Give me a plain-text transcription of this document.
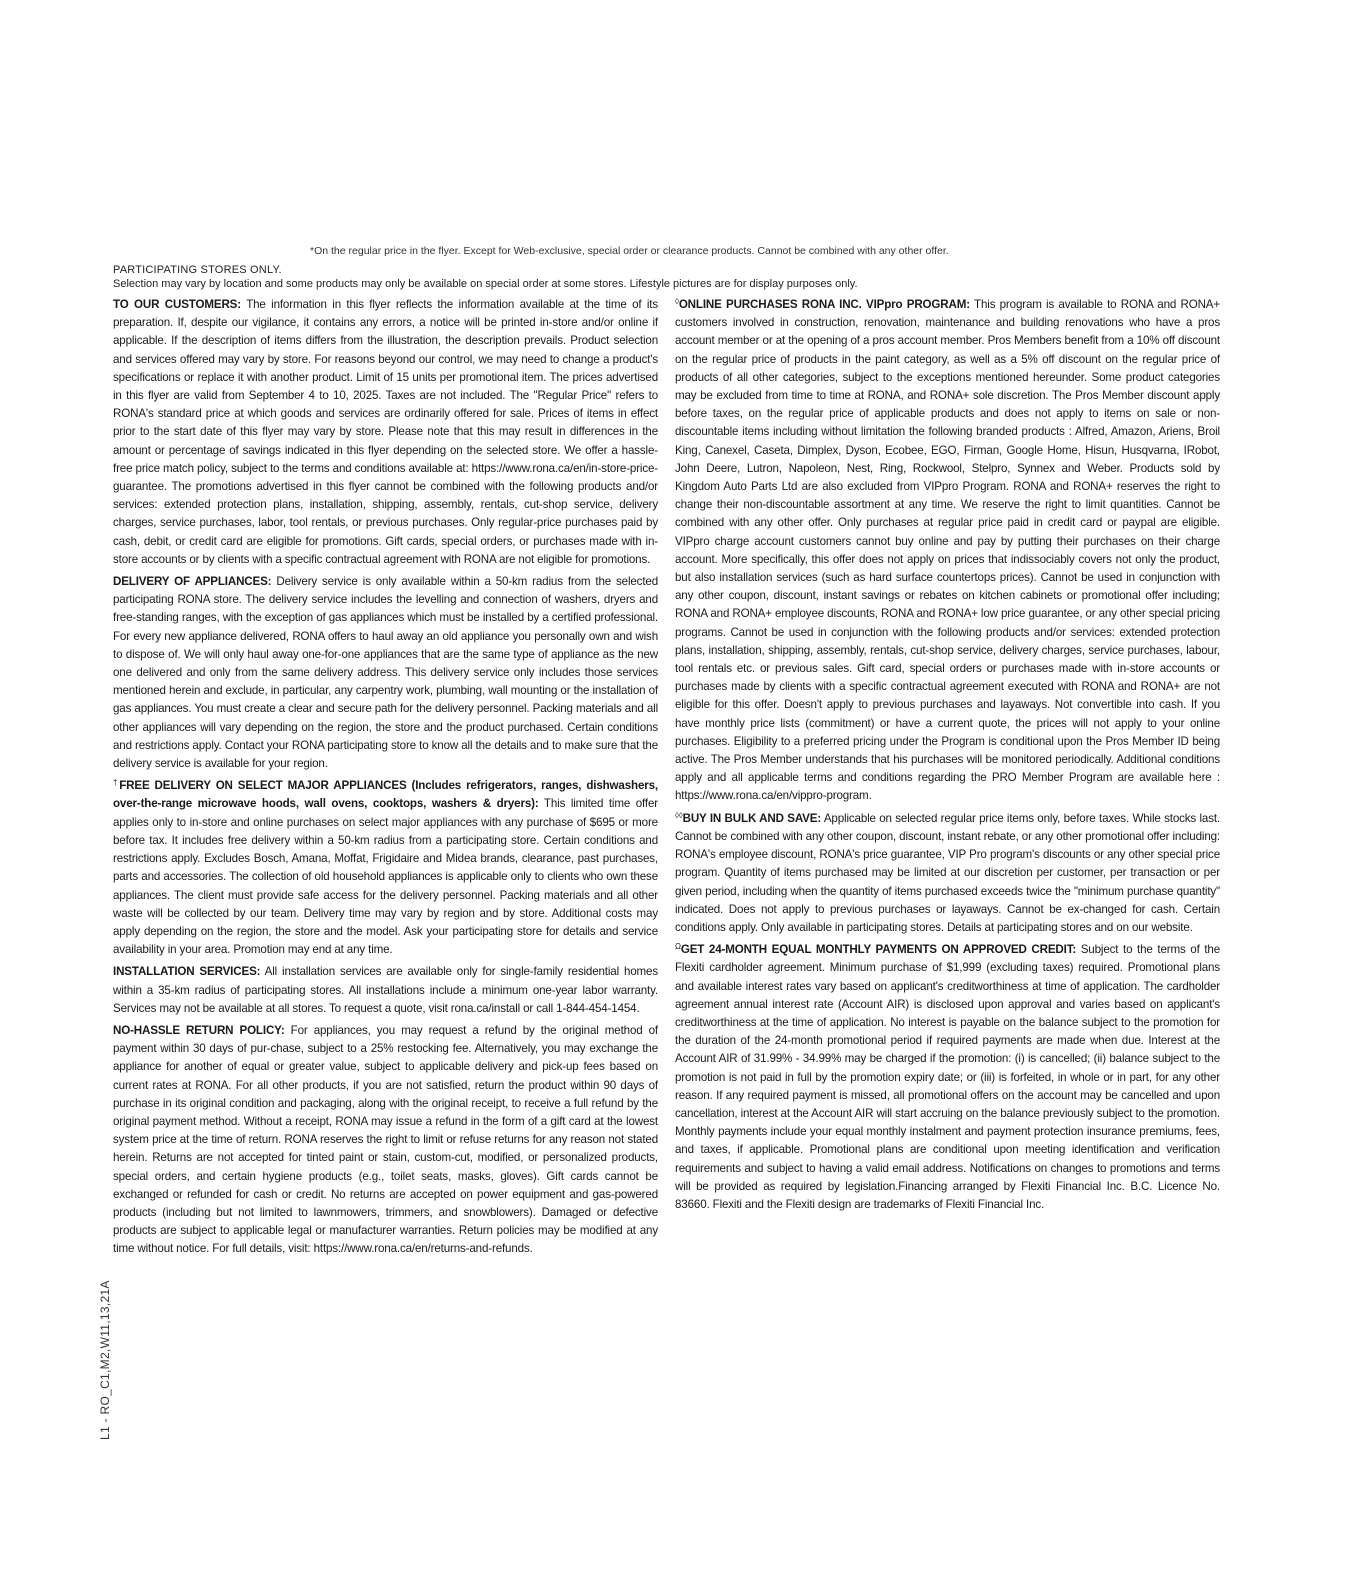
*On the regular price in the flyer. Except for Web-exclusive, special order or clearance products. Cannot be combined with any other offer.
PARTICIPATING STORES ONLY.
Selection may vary by location and some products may only be available on special order at some stores. Lifestyle pictures are for display purposes only.

TO OUR CUSTOMERS: The information in this flyer reflects the information available at the time of its preparation. If, despite our vigilance, it contains any errors, a notice will be printed in-store and/or online if applicable. If the description of items differs from the illustration, the description prevails. Product selection and services offered may vary by store. For reasons beyond our control, we may need to change a product's specifications or replace it with another product. Limit of 15 units per promotional item. The prices advertised in this flyer are valid from September 4 to 10, 2025. Taxes are not included. The "Regular Price" refers to RONA's standard price at which goods and services are ordinarily offered for sale. Prices of items in effect prior to the start date of this flyer may vary by store. Please note that this may result in differences in the amount or percentage of savings indicated in this flyer depending on the selected store. We offer a hassle-free price match policy, subject to the terms and conditions available at: https://www.rona.ca/en/in-store-price-guarantee. The promotions advertised in this flyer cannot be combined with the following products and/or services: extended protection plans, installation, shipping, assembly, rentals, cut-shop service, delivery charges, service purchases, labor, tool rentals, or previous purchases. Only regular-price purchases paid by cash, debit, or credit card are eligible for promotions. Gift cards, special orders, or purchases made with in-store accounts or by clients with a specific contractual agreement with RONA are not eligible for promotions.

DELIVERY OF APPLIANCES: Delivery service is only available within a 50-km radius from the selected participating RONA store. The delivery service includes the levelling and connection of washers, dryers and free-standing ranges, with the exception of gas appliances which must be installed by a certified professional. For every new appliance delivered, RONA offers to haul away an old appliance you personally own and wish to dispose of. We will only haul away one-for-one appliances that are the same type of appliance as the new one delivered and only from the same delivery address. This delivery service only includes those services mentioned herein and exclude, in particular, any carpentry work, plumbing, wall mounting or the installation of gas appliances. You must create a clear and secure path for the delivery personnel. Packing materials and all other appliances will vary depending on the region, the store and the product purchased. Certain conditions and restrictions apply. Contact your RONA participating store to know all the details and to make sure that the delivery service is available for your region.

†FREE DELIVERY ON SELECT MAJOR APPLIANCES (Includes refrigerators, ranges, dishwashers, over-the-range microwave hoods, wall ovens, cooktops, washers & dryers): This limited time offer applies only to in-store and online purchases on select major appliances with any purchase of $695 or more before tax. It includes free delivery within a 50-km radius from a participating store. Certain conditions and restrictions apply. Excludes Bosch, Amana, Moffat, Frigidaire and Midea brands, clearance, past purchases, parts and accessories. The collection of old household appliances is applicable only to clients who own these appliances. The client must provide safe access for the delivery personnel. Packing materials and all other waste will be collected by our team. Delivery time may vary by region and by store. Additional costs may apply depending on the region, the store and the model. Ask your participating store for details and service availability in your area. Promotion may end at any time.

INSTALLATION SERVICES: All installation services are available only for single-family residential homes within a 35-km radius of participating stores. All installations include a minimum one-year labor warranty. Services may not be available at all stores. To request a quote, visit rona.ca/install or call 1-844-454-1454.

NO-HASSLE RETURN POLICY: For appliances, you may request a refund by the original method of payment within 30 days of pur-chase, subject to a 25% restocking fee. Alternatively, you may exchange the appliance for another of equal or greater value, subject to applicable delivery and pick-up fees based on current rates at RONA. For all other products, if you are not satisfied, return the product within 90 days of purchase in its original condition and packaging, along with the original receipt, to receive a full refund by the original payment method. Without a receipt, RONA may issue a refund in the form of a gift card at the lowest system price at the time of return. RONA reserves the right to limit or refuse returns for any reason not stated herein. Returns are not accepted for tinted paint or stain, custom-cut, modified, or personalized products, special orders, and certain hygiene products (e.g., toilet seats, masks, gloves). Gift cards cannot be exchanged or refunded for cash or credit. No returns are accepted on power equipment and gas-powered products (including but not limited to lawnmowers, trimmers, and snowblowers). Damaged or defective products are subject to applicable legal or manufacturer warranties. Return policies may be modified at any time without notice. For full details, visit: https://www.rona.ca/en/returns-and-refunds.

◊ONLINE PURCHASES RONA INC. VIPpro PROGRAM: This program is available to RONA and RONA+ customers involved in construction, renovation, maintenance and building renovations who have a pros account member or at the opening of a pros account member. Pros Members benefit from a 10% off discount on the regular price of products in the paint category, as well as a 5% off discount on the regular price of products of all other categories, subject to the exceptions mentioned hereunder. Some product categories may be excluded from time to time at RONA, and RONA+ sole discretion. The Pros Member discount apply before taxes, on the regular price of applicable products and does not apply to items on sale or non-discountable items including without limitation the following branded products : Alfred, Amazon, Ariens, Broil King, Canexel, Caseta, Dimplex, Dyson, Ecobee, EGO, Firman, Google Home, Hisun, Husqvarna, IRobot, John Deere, Lutron, Napoleon, Nest, Ring, Rockwool, Stelpro, Synnex and Weber. Products sold by Kingdom Auto Parts Ltd are also excluded from VIPpro Program. RONA and RONA+ reserves the right to change their non-discountable assortment at any time. We reserve the right to limit quantities. Cannot be combined with any other offer. Only purchases at regular price paid in credit card or paypal are eligible. VIPpro charge account customers cannot buy online and pay by putting their purchases on their charge account. More specifically, this offer does not apply on prices that indissociably covers not only the product, but also installation services (such as hard surface countertops prices). Cannot be used in conjunction with any other coupon, discount, instant savings or rebates on kitchen cabinets or promotional offer including; RONA and RONA+ employee discounts, RONA and RONA+ low price guarantee, or any other special pricing programs. Cannot be used in conjunction with the following products and/or services: extended protection plans, installation, shipping, assembly, rentals, cut-shop service, delivery charges, service purchases, labour, tool rentals etc. or previous sales. Gift card, special orders or purchases made with in-store accounts or purchases made by clients with a specific contractual agreement executed with RONA and RONA+ are not eligible for this offer. Doesn't apply to previous purchases and layaways. Not convertible into cash. If you have monthly price lists (commitment) or have a current quote, the prices will not apply to your online purchases. Eligibility to a preferred pricing under the Program is conditional upon the Pros Member ID being active. The Pros Member understands that his purchases will be monitored periodically. Additional conditions apply and all applicable terms and conditions regarding the PRO Member Program are available here : https://www.rona.ca/en/vippro-program.

◊◊BUY IN BULK AND SAVE: Applicable on selected regular price items only, before taxes. While stocks last. Cannot be combined with any other coupon, discount, instant rebate, or any other promotional offer including: RONA's employee discount, RONA's price guarantee, VIP Pro program's discounts or any other special price program. Quantity of items purchased may be limited at our discretion per customer, per transaction or per given period, including when the quantity of items purchased exceeds twice the "minimum purchase quantity" indicated. Does not apply to previous purchases or layaways. Cannot be ex-changed for cash. Certain conditions apply. Only available in participating stores. Details at participating stores and on our website.

$^\Omega$GET 24-MONTH EQUAL MONTHLY PAYMENTS ON APPROVED CREDIT: Subject to the terms of the Flexiti cardholder agreement. Minimum purchase of $1,999 (excluding taxes) required. Promotional plans and available interest rates vary based on applicant's creditworthiness at time of application. The cardholder agreement annual interest rate (Account AIR) is disclosed upon approval and varies based on applicant's creditworthiness at the time of application. No interest is payable on the balance subject to the promotion for the duration of the 24-month promotional period if required payments are made when due. Interest at the Account AIR of 31.99% - 34.99% may be charged if the promotion: (i) is cancelled; (ii) balance subject to the promotion is not paid in full by the promotion expiry date; or (iii) is forfeited, in whole or in part, for any other reason. If any required payment is missed, all promotional offers on the account may be cancelled and upon cancellation, interest at the Account AIR will start accruing on the balance previously subject to the promotion. Monthly payments include your equal monthly instalment and payment protection insurance premiums, fees, and taxes, if applicable. Promotional plans are conditional upon meeting identification and verification requirements and subject to having a valid email address. Notifications on changes to promotions and terms will be provided as required by legislation.Financing arranged by Flexiti Financial Inc. B.C. Licence No. 83660. Flexiti and the Flexiti design are trademarks of Flexiti Financial Inc.

L1 - RO_C1,M2,W11,13,21A
